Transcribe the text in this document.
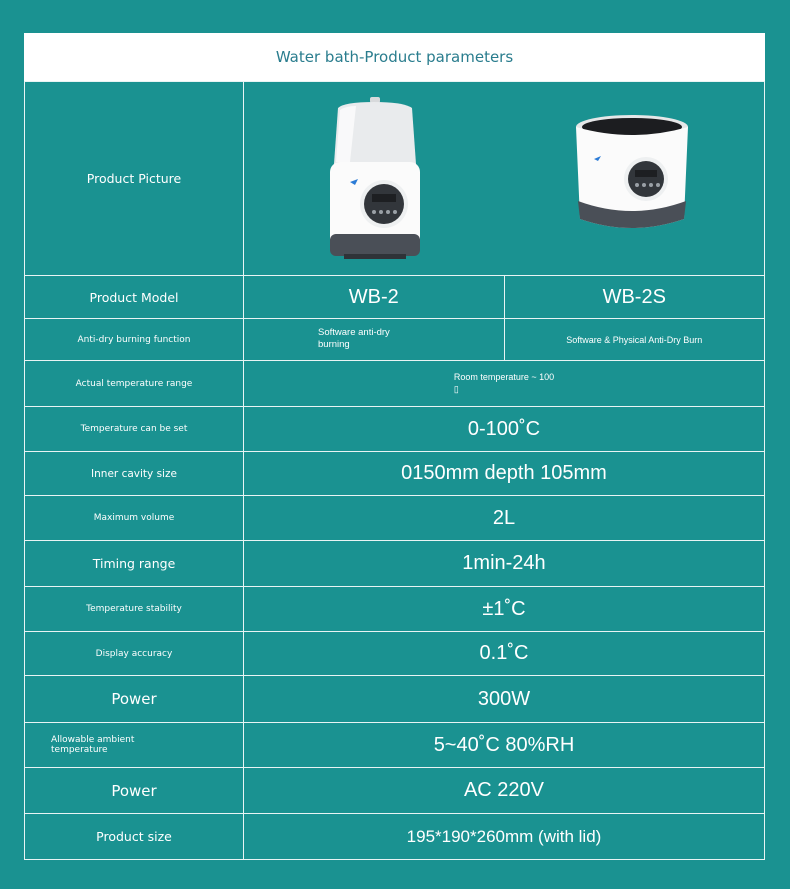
Water bath-Product parameters
Product Picture	

Product Model	WB-2	WB-2S
Anti-dry burning function	Software anti-dry burning	Software & Physical Anti-Dry Burn
Actual temperature range	Room temperature ~ 100
▯	
Temperature can be set	0-100˚C	
Inner cavity size	0150mm depth 105mm	
Maximum volume	2L	
Timing range	1min-24h	
Temperature stability	±1˚C	
Display accuracy	0.1˚C	
Power	300W	
Allowable ambient temperature	5~40˚C 80%RH	
Power	AC 220V	
Product size	195*190*260mm (with lid)	
